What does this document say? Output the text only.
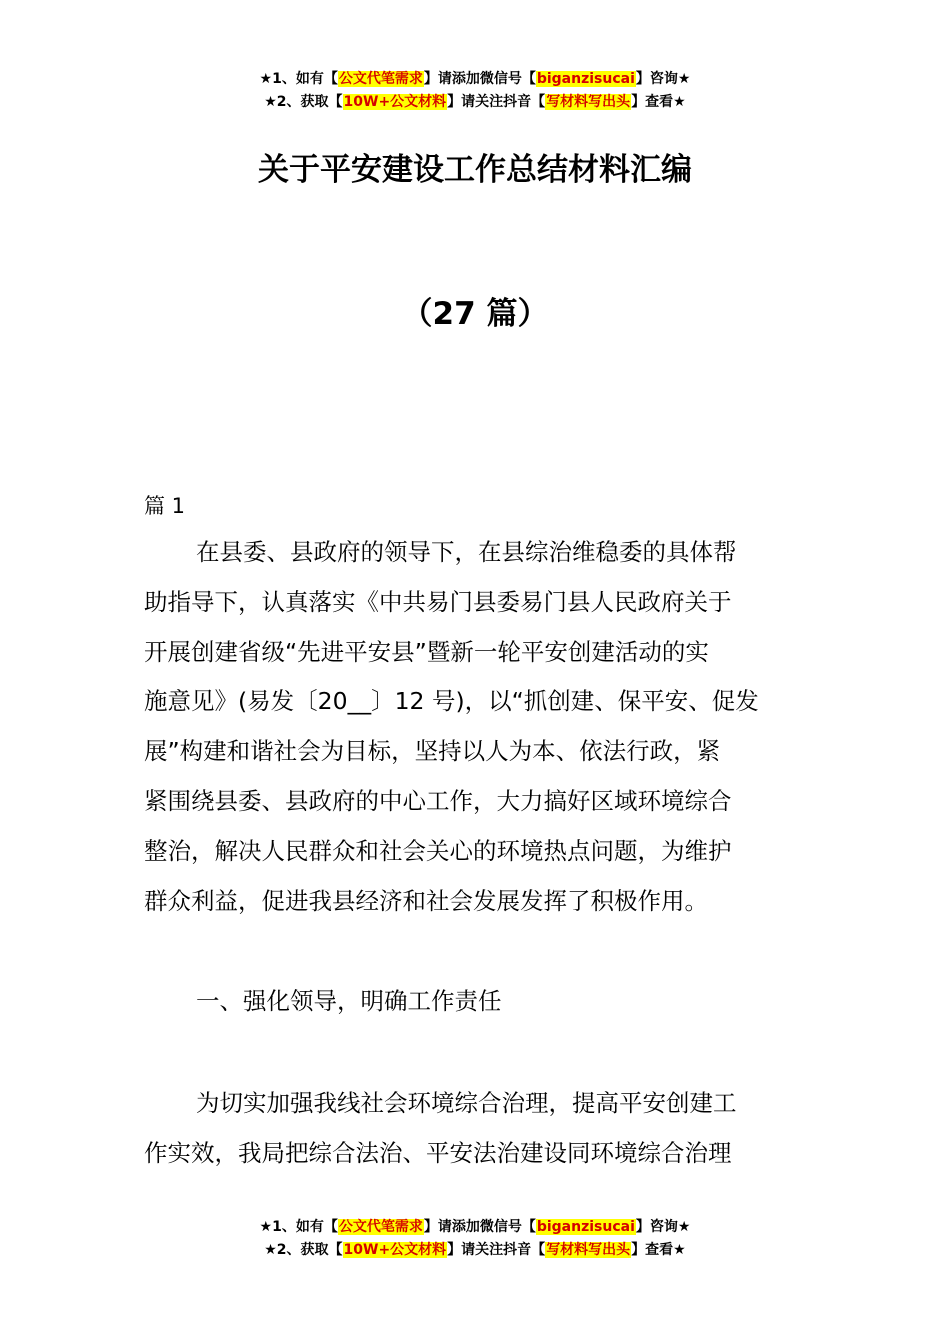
★1、如有【公文代笔需求】请添加微信号【biganzisucai】咨询★
★2、获取【10W+公文材料】请关注抖音【写材料写出头】查看★
关于平安建设工作总结材料汇编
（27 篇）
篇 1
在县委、县政府的领导下，在县综治维稳委的具体帮
助指导下，认真落实《中共易门县委易门县人民政府关于
开展创建省级“先进平安县”暨新一轮平安创建活动的实
施意见》(易发〔20__〕12 号)，以“抓创建、保平安、促发
展”构建和谐社会为目标，坚持以人为本、依法行政，紧
紧围绕县委、县政府的中心工作，大力搞好区域环境综合
整治，解决人民群众和社会关心的环境热点问题，为维护
群众利益，促进我县经济和社会发展发挥了积极作用。
一、强化领导，明确工作责任
为切实加强我线社会环境综合治理，提高平安创建工
作实效，我局把综合法治、平安法治建设同环境综合治理
★1、如有【公文代笔需求】请添加微信号【biganzisucai】咨询★
★2、获取【10W+公文材料】请关注抖音【写材料写出头】查看★
